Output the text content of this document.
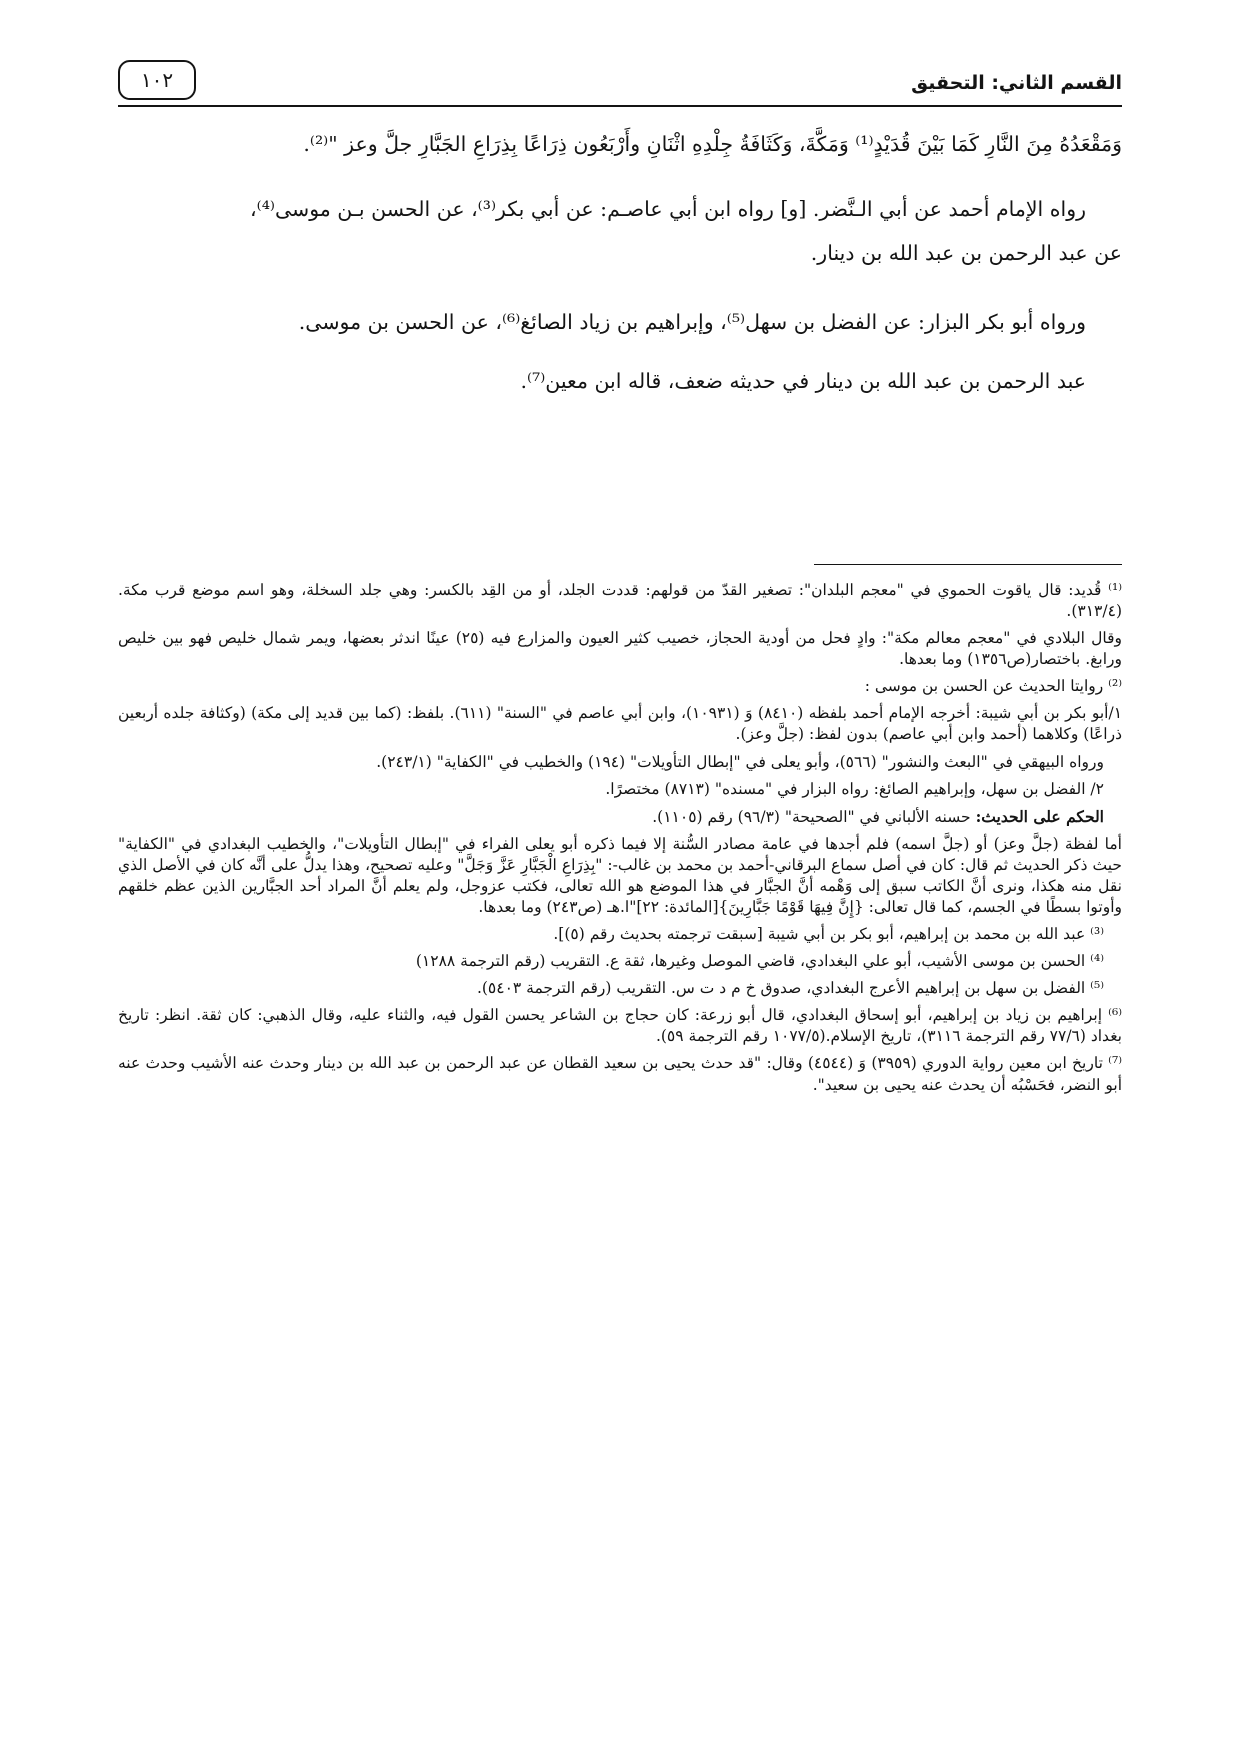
القسم الثاني: التحقيق
١٠٢

وَمَقْعَدُهُ مِنَ النَّارِ كَمَا بَيْنَ قُدَيْدٍ⁽¹⁾ وَمَكَّةَ، وَكَثَافَةُ جِلْدِهِ اثْنَانِ وأَرْبَعُون ذِرَاعًا بِذِرَاعِ الجَبَّارِ جلَّ وعز "⁽²⁾.

رواه الإمام أحمد عن أبي الـنَّضر. [و] رواه ابن أبي عاصـم: عن أبي بكر⁽³⁾، عن الحسن بـن موسى⁽⁴⁾،

عن عبد الرحمن بن عبد الله بن دينار.

ورواه أبو بكر البزار: عن الفضل بن سهل⁽⁵⁾، وإبراهيم بن زياد الصائغ⁽⁶⁾، عن الحسن بن موسى.

عبد الرحمن بن عبد الله بن دينار في حديثه ضعف، قاله ابن معين⁽⁷⁾.

⁽¹⁾ قُديد: قال ياقوت الحموي في "معجم البلدان": تصغير القدّ من قولهم: قددت الجلد، أو من القِد بالكسر: وهي جلد السخلة، وهو اسم موضع قرب مكة. (٣١٣/٤).

وقال البلادي في "معجم معالم مكة": وادٍ فحل من أودية الحجاز، خصيب كثير العيون والمزارع فيه (٢٥) عينًا اندثر بعضها، ويمر شمال خليص فهو بين خليص ورابغ. باختصار(ص١٣٥٦) وما بعدها.

⁽²⁾ روايتا الحديث عن الحسن بن موسى :

١/أبو بكر بن أبي شيبة: أخرجه الإمام أحمد بلفظه (٨٤١٠) وَ (١٠٩٣١)، وابن أبي عاصم في "السنة" (٦١١). بلفظ: (كما بين قديد إلى مكة) (وكثافة جلده أربعين ذراعًا) وكلاهما (أحمد وابن أبي عاصم) بدون لفظ: (جلَّ وعز).

ورواه البيهقي في "البعث والنشور" (٥٦٦)، وأبو يعلى في "إبطال التأويلات" (١٩٤) والخطيب في "الكفاية" (٢٤٣/١).

٢/ الفضل بن سهل، وإبراهيم الصائغ: رواه البزار في "مسنده" (٨٧١٣) مختصرًا.

الحكم على الحديث: حسنه الألباني في "الصحيحة" (٩٦/٣) رقم (١١٠٥).

أما لفظة (جلَّ وعز) أو (جلَّ اسمه) فلم أجدها في عامة مصادر السُّنة إلا فيما ذكره أبو يعلى الفراء في "إبطال التأويلات"، والخطيب البغدادي في "الكفاية" حيث ذكر الحديث ثم قال: كان في أصل سماع البرقاني-أحمد بن محمد بن غالب-: "بِذِرَاعِ الْجَبَّارِ عَزَّ وَجَلَّ" وعليه تصحيح، وهذا يدلُّ على أنَّه كان في الأصل الذي نقل منه هكذا، ونرى أنَّ الكاتب سبق إلى وَهْمه أنَّ الجبَّار في هذا الموضع هو الله تعالى، فكتب عزوجل، ولم يعلم أنَّ المراد أحد الجبَّارين الذين عظم خلقهم وأوتوا بسطًا في الجسم، كما قال تعالى: {إِنَّ فِيهَا قَوْمًا جَبَّارِينَ}[المائدة: ٢٢]"ا.هـ (ص٢٤٣) وما بعدها.

⁽³⁾ عبد الله بن محمد بن إبراهيم، أبو بكر بن أبي شيبة [سبقت ترجمته بحديث رقم (٥)].

⁽⁴⁾ الحسن بن موسى الأشيب، أبو علي البغدادي، قاضي الموصل وغيرها، ثقة ع. التقريب (رقم الترجمة ١٢٨٨)

⁽⁵⁾ الفضل بن سهل بن إبراهيم الأعرج البغدادي، صدوق خ م د ت س. التقريب (رقم الترجمة ٥٤٠٣).

⁽⁶⁾ إبراهيم بن زياد بن إبراهيم، أبو إسحاق البغدادي، قال أبو زرعة: كان حجاج بن الشاعر يحسن القول فيه، والثناء عليه، وقال الذهبي: كان ثقة. انظر: تاريخ بغداد (٧٧/٦ رقم الترجمة ٣١١٦)، تاريخ الإسلام.(١٠٧٧/٥ رقم الترجمة ٥٩).

⁽⁷⁾ تاريخ ابن معين رواية الدوري (٣٩٥٩) وَ (٤٥٤٤) وقال: "قد حدث يحيى بن سعيد القطان عن عبد الرحمن بن عبد الله بن دينار وحدث عنه الأشيب وحدث عنه أبو النضر، فحَسْبُه أن يحدث عنه يحيى بن سعيد".
